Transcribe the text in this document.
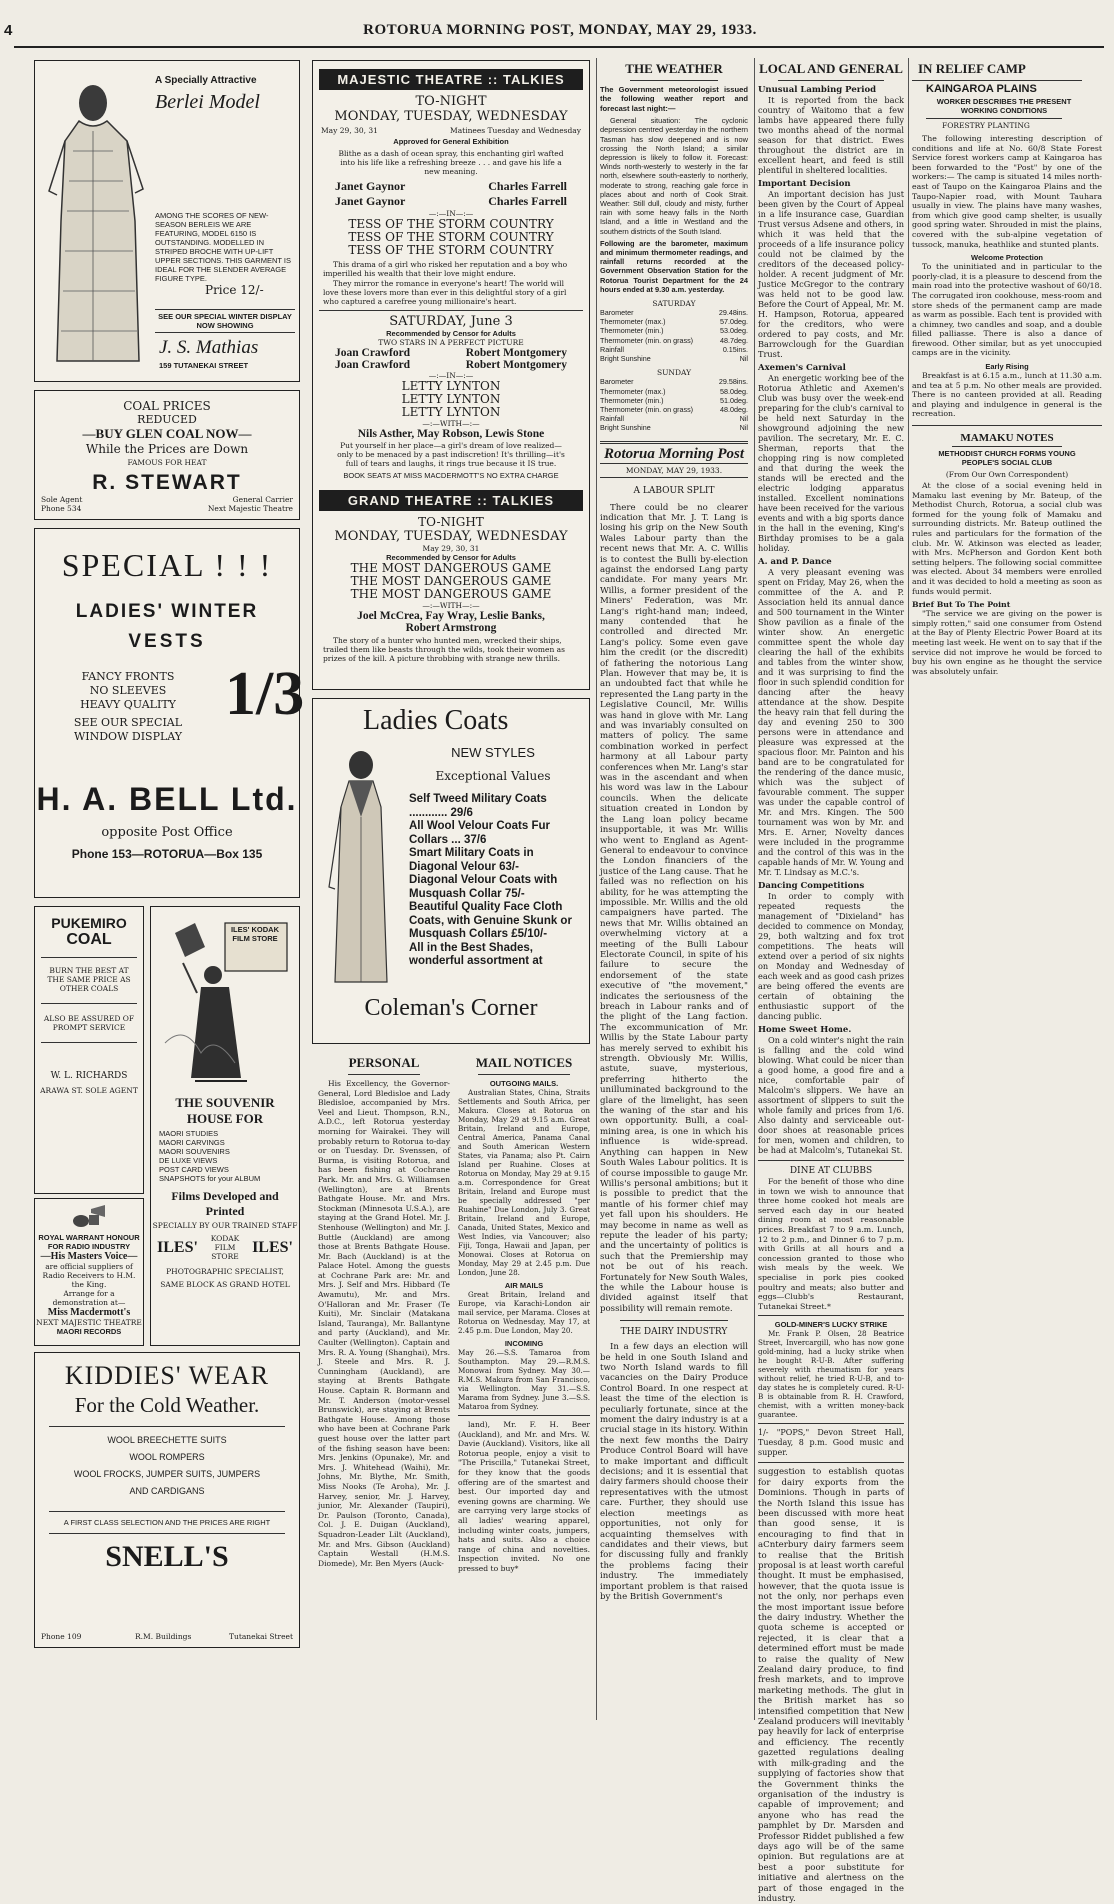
4	ROTORUA MORNING POST, MONDAY, MAY 29, 1933.
A Specially Attractive
Berlei Model
AMONG THE SCORES OF NEW-SEASON BERLEIS WE ARE FEATURING, MODEL 6150 IS OUTSTANDING. MODELLED IN STRIPED BROCHE WITH UP-LIFT UPPER SECTIONS. THIS GARMENT IS IDEAL FOR THE SLENDER AVERAGE FIGURE TYPE.
Price 12/-
SEE OUR SPECIAL WINTER DISPLAY NOW SHOWING
J. S. Mathias
159 TUTANEKAI STREET
COAL PRICES
REDUCED
—BUY GLEN COAL NOW—
While the Prices are Down
FAMOUS FOR HEAT
R. STEWART
Sole Agent
Phone 534
General Carrier
Next Majestic Theatre
SPECIAL ! ! !
LADIES' WINTER
VESTS
FANCY FRONTS
NO SLEEVES
HEAVY QUALITY
SEE OUR SPECIAL
WINDOW DISPLAY
1/3
H. A. BELL Ltd.
opposite Post Office
Phone 153—ROTORUA—Box 135
PUKEMIRO
COAL
BURN THE BEST AT THE SAME PRICE AS OTHER COALS
ALSO BE ASSURED OF PROMPT SERVICE
W. L. RICHARDS
ARAWA ST. SOLE AGENT
ILES' KODAK FILM STORE
THE SOUVENIR
HOUSE FOR
MAORI STUDIES
MAORI CARVINGS
MAORI SOUVENIRS
DE LUXE VIEWS
POST CARD VIEWS
SNAPSHOTS for your ALBUM
Films Developed and Printed
SPECIALLY BY OUR TRAINED STAFF
ILES'	KODAK FILM STORE
ILES'
PHOTOGRAPHIC SPECIALIST,
SAME BLOCK AS GRAND HOTEL
ROYAL WARRANT HONOUR FOR RADIO INDUSTRY
—His Masters Voice—
are official suppliers of Radio Receivers to H.M. the King.
Arrange for a demonstration at—
Miss Macdermott's
NEXT MAJESTIC THEATRE
MAORI RECORDS
KIDDIES' WEAR
For the Cold Weather.
WOOL BREECHETTE SUITS
WOOL ROMPERS
WOOL FROCKS, JUMPER SUITS, JUMPERS
AND CARDIGANS
A FIRST CLASS SELECTION AND THE PRICES ARE RIGHT
SNELL'S
Phone 109	R.M. Buildings	Tutanekai Street
MAJESTIC THEATRE :: TALKIES
TO-NIGHT
MONDAY, TUESDAY, WEDNESDAY
May 29, 30, 31	Matinees Tuesday and Wednesday
Approved for General Exhibition
Blithe as a dash of ocean spray, this enchanting girl wafted into his life like a refreshing breeze . . . and gave his life a new meaning.
Janet Gaynor	Charles Farrell
Janet Gaynor	Charles Farrell
—:—IN—:—
TESS OF THE STORM COUNTRY
TESS OF THE STORM COUNTRY
TESS OF THE STORM COUNTRY
This drama of a girl who risked her reputation and a boy who imperilled his wealth that their love might endure.
They mirror the romance in everyone's heart! The world will love these lovers more than ever in this delightful story of a girl who captured a carefree young millionaire's heart.
SATURDAY, June 3
Recommended by Censor for Adults
TWO STARS IN A PERFECT PICTURE
Joan Crawford	Robert Montgomery
Joan Crawford	Robert Montgomery
—:—IN—:—
LETTY LYNTON
LETTY LYNTON
LETTY LYNTON
—:—WITH—:—
Nils Asther, May Robson, Lewis Stone
Put yourself in her place—a girl's dream of love realized—only to be menaced by a past indiscretion! It's thrilling—it's full of tears and laughs, it rings true because it IS true.
BOOK SEATS AT MISS MACDERMOTT'S NO EXTRA CHARGE
GRAND THEATRE :: TALKIES
TO-NIGHT
MONDAY, TUESDAY, WEDNESDAY
May 29, 30, 31
Recommended by Censor for Adults
THE MOST DANGEROUS GAME
THE MOST DANGEROUS GAME
THE MOST DANGEROUS GAME
—:—WITH—:—
Joel McCrea, Fay Wray, Leslie Banks,
Robert Armstrong
The story of a hunter who hunted men, wrecked their ships, trailed them like beasts through the wilds, took their women as prizes of the kill. A picture throbbing with strange new thrills.
Ladies Coats
NEW STYLES
Exceptional Values
Self Tweed Military Coats ............ 29/6
All Wool Velour Coats Fur Collars ... 37/6
Smart Military Coats in Diagonal Velour 63/-
Diagonal Velour Coats with Musquash Collar 75/-
Beautiful Quality Face Cloth Coats, with Genuine Skunk or Musquash Collars £5/10/-
All in the Best Shades, wonderful assortment at
Coleman's Corner
PERSONAL
His Excellency, the Governor-General, Lord Bledisloe and Lady Bledisloe, accompanied by Mrs. Veel and Lieut. Thompson, R.N., A.D.C., left Rotorua yesterday morning for Wairakei. They will probably return to Rotorua to-day or on Tuesday. Dr. Svenssen, of Burma, is visiting Rotorua, and has been fishing at Cochrane Park. Mr. and Mrs. G. Williamsen (Wellington), are at Brents Bathgate House. Mr. and Mrs. Stockman (Minnesota U.S.A.), are staying at the Grand Hotel. Mr. J. Stenhouse (Wellington) and Mr. J. Buttle (Auckland) are among those at Brents Bathgate House. Mr. Bach (Auckland) is at the Palace Hotel. Among the guests at Cochrane Park are: Mr. and Mrs. J. Self and Mrs. Hibbard (Te Awamutu), Mr. and Mrs. O'Halloran and Mr. Fraser (Te Kuiti), Mr. Sinclair (Matakana Island, Tauranga), Mr. Ballantyne and party (Auckland), and Mr. Caulter (Wellington). Captain and Mrs. R. A. Young (Shanghai), Mrs. J. Steele and Mrs. R. J. Cunningham (Auckland), are staying at Brents Bathgate House. Captain R. Bormann and Mr. T. Anderson (motor-vessel Brunswick), are staying at Brents Bathgate House. Among those who have been at Cochrane Park guest house over the latter part of the fishing season have been: Mrs. Jenkins (Opunake), Mr. and Mrs. J. Whitehead (Waihi), Mr. Johns, Mr. Blythe, Mr. Smith, Miss Nooks (Te Aroha), Mr. J. Harvey, senior, Mr. J. Harvey, junior, Mr. Alexander (Taupiri), Dr. Paulson (Toronto, Canada), Col. J. E. Duigan (Auckland), Squadron-Leader Lilt (Auckland), Mr. and Mrs. Gibson (Auckland) Captain Westall (H.M.S. Diomede), Mr. Ben Myers (Auck-
MAIL NOTICES
OUTGOING MAILS.
Australian States, China, Straits Settlements and South Africa, per Makura. Closes at Rotorua on Monday, May 29 at 9.15 a.m. Great Britain, Ireland and Europe, Central America, Panama Canal and South American Western States, via Panama; also Pt. Cairn Island per Ruahine. Closes at Rotorua on Monday, May 29 at 9.15 a.m. Correspondence for Great Britain, Ireland and Europe must be specially addressed "per Ruahine" Due London, July 3. Great Britain, Ireland and Europe, Canada, United States, Mexico and West Indies, via Vancouver; also Fiji, Tonga, Hawaii and Japan, per Monowai. Closes at Rotorua on Monday, May 29 at 2.45 p.m. Due London, June 28.
AIR MAILS
Great Britain, Ireland and Europe, via Karachi-London air mail service, per Marama. Closes at Rotorua on Wednesday, May 17, at 2.45 p.m. Due London, May 20.
INCOMING
May 26.—S.S. Tamaroa from Southampton. May 29.—R.M.S. Monowai from Sydney. May 30.—R.M.S. Makura from San Francisco, via Wellington. May 31.—S.S. Marama from Sydney. June 3.—S.S. Mataroa from Sydney.
land), Mr. F. H. Beer (Auckland), and Mr. and Mrs. W. Davie (Auckland). Visitors, like all Rotorua people, enjoy a visit to "The Priscilla," Tutanekai Street, for they know that the goods offering are of the smartest and best. Our imported day and evening gowns are charming. We are carrying very large stocks of all ladies' wearing apparel, including winter coats, jumpers, hats and suits. Also a choice range of china and novelties. Inspection invited. No one pressed to buy*
THE WEATHER
The Government meteorologist issued the following weather report and forecast last night:—
General situation: The cyclonic depression centred yesterday in the northern Tasman has slow deepened and is now crossing the North Island; a similar depression is likely to follow it. Forecast: Winds north-westerly to westerly in the far north, elsewhere south-easterly to northerly, moderate to strong, reaching gale force in places about and north of Cook Strait. Weather: Still dull, cloudy and misty, further rain with some heavy falls in the North Island, and a little in Westland and the southern districts of the South Island.
Following are the barometer, maximum and minimum thermometer readings, and rainfall returns recorded at the Government Observation Station for the Rotorua Tourist Department for the 24 hours ended at 9.30 a.m. yesterday.
SATURDAY
Barometer	29.48ins.
Thermometer (max.)	57.0deg.
Thermometer (min.)	53.0deg.
Thermometer (min. on grass)	48.7deg.
Rainfall	0.15ins.
Bright Sunshine	Nil
SUNDAY
Barometer	29.58ins.
Thermometer (max.)	58.0deg.
Thermometer (min.)	51.0deg.
Thermometer (min. on grass)	48.0deg.
Rainfall	Nil
Bright Sunshine	Nil
Rotorua Morning Post
MONDAY, MAY 29, 1933.
A LABOUR SPLIT
There could be no clearer indication that Mr. J. T. Lang is losing his grip on the New South Wales Labour party than the recent news that Mr. A. C. Willis is to contest the Bulli by-election against the endorsed Lang party candidate. For many years Mr. Willis, a former president of the Miners' Federation, was Mr. Lang's right-hand man; indeed, many contended that he controlled and directed Mr. Lang's policy. Some even gave him the credit (or the discredit) of fathering the notorious Lang Plan. However that may be, it is an undoubted fact that while he represented the Lang party in the Legislative Council, Mr. Willis was hand in glove with Mr. Lang and was invariably consulted on matters of policy. The same combination worked in perfect harmony at all Labour party conferences when Mr. Lang's star was in the ascendant and when his word was law in the Labour councils. When the delicate situation created in London by the Lang loan policy became insupportable, it was Mr. Willis who went to England as Agent-General to endeavour to convince the London financiers of the justice of the Lang cause. That he failed was no reflection on his ability, for he was attempting the impossible. Mr. Willis and the old campaigners have parted. The news that Mr. Willis obtained an overwhelming victory at a meeting of the Bulli Labour Electorate Council, in spite of his failure to secure the endorsement of the state executive of "the movement," indicates the seriousness of the breach in Labour ranks and of the plight of the Lang faction. The excommunication of Mr. Willis by the State Labour party has merely served to exhibit his strength. Obviously Mr. Willis, astute, suave, mysterious, preferring hitherto the unilluminated background to the glare of the limelight, has seen the waning of the star and his own opportunity. Bulli, a coal-mining area, is one in which his influence is wide-spread. Anything can happen in New South Wales Labour politics. It is of course impossible to gauge Mr. Willis's personal ambitions; but it is possible to predict that the mantle of his former chief may yet fall upon his shoulders. He may become in name as well as repute the leader of his party; and the uncertainty of politics is such that the Premiership may not be out of his reach. Fortunately for New South Wales, the while the Labour house is divided against itself that possibility will remain remote.
THE DAIRY INDUSTRY
In a few days an election will be held in one South Island and two North Island wards to fill vacancies on the Dairy Produce Control Board. In one respect at least the time of the election is peculiarly fortunate, since at the moment the dairy industry is at a crucial stage in its history. Within the next few months the Dairy Produce Control Board will have to make important and difficult decisions; and it is essential that dairy farmers should choose their representatives with the utmost care. Further, they should use election meetings as opportunities, not only for acquainting themselves with candidates and their views, but for discussing fully and frankly the problems facing their industry. The immediately important problem is that raised by the British Government's
LOCAL AND GENERAL
Unusual Lambing Period
It is reported from the back country of Waitomo that a few lambs have appeared there fully two months ahead of the normal season for that district. Ewes throughout the district are in excellent heart, and feed is still plentiful in sheltered localities.
Important Decision
An important decision has just been given by the Court of Appeal in a life insurance case, Guardian Trust versus Adsene and others, in which it was held that the proceeds of a life insurance policy could not be claimed by the creditors of the deceased policy-holder. A recent judgment of Mr. Justice McGregor to the contrary was held not to be good law. Before the Court of Appeal, Mr. M. H. Hampson, Rotorua, appeared for the creditors, who were ordered to pay costs, and Mr. Barrowclough for the Guardian Trust.
Axemen's Carnival
An energetic working bee of the Rotorua Athletic and Axemen's Club was busy over the week-end preparing for the club's carnival to be held next Saturday in the showground adjoining the new pavilion. The secretary, Mr. E. C. Sherman, reports that the chopping ring is now completed and that during the week the stands will be erected and the electric lodging apparatus installed. Excellent nominations have been received for the various events and with a big sports dance in the hall in the evening, King's Birthday promises to be a gala holiday.
A. and P. Dance
A very pleasant evening was spent on Friday, May 26, when the committee of the A. and P. Association held its annual dance and 500 tournament in the Winter Show pavilion as a finale of the winter show. An energetic committee spent the whole day clearing the hall of the exhibits and tables from the winter show, and it was surprising to find the floor in such splendid condition for dancing after the heavy attendance at the show. Despite the heavy rain that fell during the day and evening 250 to 300 persons were in attendance and pleasure was expressed at the spacious floor. Mr. Painton and his band are to be congratulated for the rendering of the dance music, which was the subject of favourable comment. The supper was under the capable control of Mr. and Mrs. Kingen. The 500 tournament was won by Mr. and Mrs. E. Arner, Novelty dances were included in the programme and the control of this was in the capable hands of Mr. W. Young and Mr. T. Lindsay as M.C.'s.
Dancing Competitions
In order to comply with repeated requests the management of "Dixieland" has decided to commence on Monday, 29, both waltzing and fox trot competitions. The heats will extend over a period of six nights on Monday and Wednesday of each week and as good cash prizes are being offered the events are certain of obtaining the enthusiastic support of the dancing public.
Home Sweet Home.
On a cold winter's night the rain is falling and the cold wind blowing. What could be nicer than a good home, a good fire and a nice, comfortable pair of Malcolm's slippers. We have an assortment of slippers to suit the whole family and prices from 1/6. Also dainty and serviceable out-door shoes at reasonable prices for men, women and children, to be had at Malcolm's, Tutanekai St.
DINE AT CLUBBS
For the benefit of those who dine in town we wish to announce that three home cooked hot meals are served each day in our heated dining room at most reasonable prices. Breakfast 7 to 9 a.m. Lunch, 12 to 2 p.m., and Dinner 6 to 7 p.m. with Grills at all hours and a concession granted to those who wish meals by the week. We specialise in pork pies cooked poultry and meats; also butter and eggs—Clubb's Restaurant, Tutanekai Street.*
GOLD-MINER'S LUCKY STRIKE
Mr. Frank P. Olsen, 28 Beatrice Street, Invercargill, who has now gone gold-mining, had a lucky strike when he bought R-U-B. After suffering severely with rheumatism for years without relief, he tried R-U-B, and to-day states he is completely cured. R-U-B is obtainable from R. H. Crawford, chemist, with a written money-back guarantee.
1/- "POPS," Devon Street Hall, Tuesday, 8 p.m. Good music and supper.
suggestion to establish quotas for dairy exports from the Dominions. Though in parts of the North Island this issue has been discussed with more heat than good sense, it is encouraging to find that in aCnterbury dairy farmers seem to realise that the British proposal is at least worth careful thought. It must be emphasised, however, that the quota issue is not the only, nor perhaps even the most important issue before the dairy industry. Whether the quota scheme is accepted or rejected, it is clear that a determined effort must be made to raise the quality of New Zealand dairy produce, to find fresh markets, and to improve marketing methods. The glut in the British market has so intensified competition that New Zealand producers will inevitably pay heavily for lack of enterprise and efficiency. The recently gazetted regulations dealing with milk-grading and the supplying of factories show that the Government thinks the organisation of the industry is capable of improvement; and anyone who has read the pamphlet by Dr. Marsden and Professor Riddet published a few days ago will be of the same opinion. But regulations are at best a poor substitute for initiative and alertness on the part of those engaged in the industry.
IN RELIEF CAMP
KAINGAROA PLAINS
WORKER DESCRIBES THE PRESENT WORKING CONDITIONS
FORESTRY PLANTING
The following interesting description of conditions and life at No. 60/8 State Forest Service forest workers camp at Kaingaroa has been forwarded to the "Post" by one of the workers:— The camp is situated 14 miles north-east of Taupo on the Kaingaroa Plains and the Taupo-Napier road, with Mount Tauhara usually in view. The plains have many washes, from which give good camp shelter, is usually good spring water. Shrouded in mist the plains, covered with the sub-alpine vegetation of tussock, manuka, heathlike and stunted plants.
Welcome Protection
To the uninitiated and in particular to the poorly-clad, it is a pleasure to descend from the main road into the protective washout of 60/18. The corrugated iron cookhouse, mess-room and store sheds of the permanent camp are made as warm as possible. Each tent is provided with a chimney, two candles and soap, and a double filled palliasse. There is also a dance of firewood. Other similar, but as yet unoccupied camps are in the vicinity.
Early Rising
Breakfast is at 6.15 a.m., lunch at 11.30 a.m. and tea at 5 p.m. No other meals are provided. There is no canteen provided at all. Reading and playing and indulgence in general is the recreation.
MAMAKU NOTES
METHODIST CHURCH FORMS YOUNG PEOPLE'S SOCIAL CLUB
(From Our Own Correspondent)
At the close of a social evening held in Mamaku last evening by Mr. Bateup, of the Methodist Church, Rotorua, a social club was formed for the young folk of Mamaku and surrounding districts. Mr. Bateup outlined the rules and particulars for the formation of the club. Mr. W. Atkinson was elected as leader, with Mrs. McPherson and Gordon Kent both setting helpers. The following social committee was elected. About 34 members were enrolled and it was decided to hold a meeting as soon as funds would permit.
Brief But To The Point
"The service we are giving on the power is simply rotten," said one consumer from Ostend at the Bay of Plenty Electric Power Board at its meeting last week. He went on to say that if the service did not improve he would be forced to buy his own engine as he thought the service was absolutely unfair.
